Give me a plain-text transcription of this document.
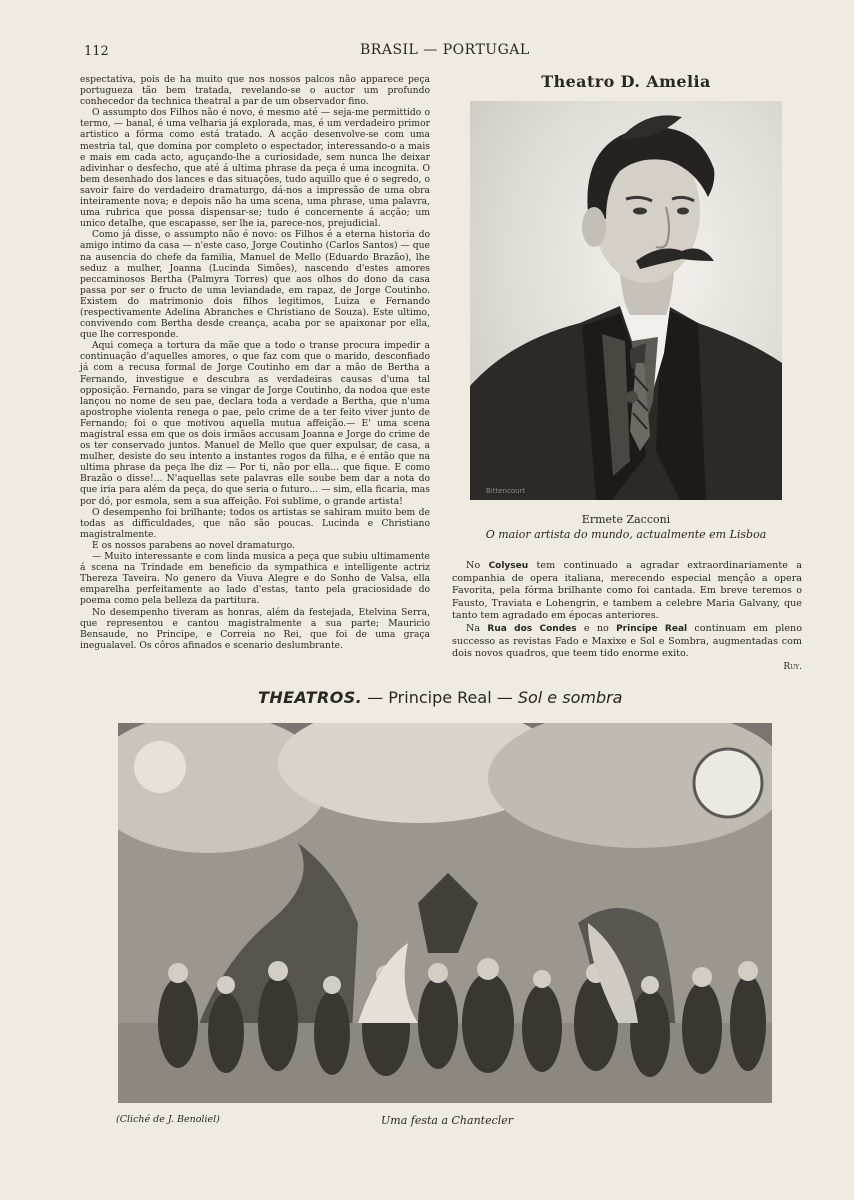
112	BRASIL — PORTUGAL

espectativa, pois de ha muito que nos nossos palcos não apparece peça portugueza tão bem tratada, revelando-se o auctor um profundo conhecedor da technica theatral a par de um observador fino.

O assumpto dos Filhos não é novo, é mesmo até — seja-me permittido o termo, — banal, é uma velharia já explorada, mas, é um verdadeiro primor artistico a fórma como está tratado. A acção desenvolve-se com uma mestria tal, que domina por completo o espectador, interessando-o a mais e mais em cada acto, aguçando-lhe a curiosidade, sem nunca lhe deixar adivinhar o desfecho, que até á ultima phrase da peça é uma incognita. O bem desenhado dos lances e das situações, tudo aquillo que é o segredo, o savoir faire do verdadeiro dramaturgo, dá-nos a impressão de uma obra inteiramente nova; e depois não ha uma scena, uma phrase, uma palavra, uma rubrica que possa dispensar-se; tudo é concernente á acção; um unico detalhe, que escapasse, ser lhe ia, parece-nos, prejudicial.

Como já disse, o assumpto não é novo: os Filhos é a eterna historia do amigo intimo da casa — n'este caso, Jorge Coutinho (Carlos Santos) — que na ausencia do chefe da familia, Manuel de Mello (Eduardo Brazão), lhe seduz a mulher, Joanna (Lucinda Simões), nascendo d'estes amores peccaminosos Bertha (Palmyra Torres) que aos olhos do dono da casa passa por ser o fructo de uma leviandade, em rapaz, de Jorge Coutinho. Existem do matrimonio dois filhos legitimos, Luiza e Fernando (respectivamente Adelina Abranches e Christiano de Souza). Este ultimo, convivendo com Bertha desde creança, acaba por se apaixonar por ella, que lhe corresponde.

Aqui começa a tortura da mãe que a todo o transe procura impedir a continuação d'aquelles amores, o que faz com que o marido, desconfiado já com a recusa formal de Jorge Coutinho em dar a mão de Bertha a Fernando, investigue e descubra as verdadeiras causas d'uma tal opposição. Fernando, para se vingar de Jorge Coutinho, da nodoa que este lançou no nome de seu pae, declara toda a verdade a Bertha, que n'uma apostrophe violenta renega o pae, pelo crime de a ter feito viver junto de Fernando; foi o que motivou aquella mutua affeição.— E' uma scena magistral essa em que os dois irmãos accusam Joanna e Jorge do crime de os ter conservado juntos. Manuel de Mello que quer expulsar, de casa, a mulher, desiste do seu intento a instantes rogos da filha, e é então que na ultima phrase da peça lhe diz — Por ti, não por ella... que fique. E como Brazão o disse!... N'aquellas sete palavras elle soube bem dar a nota do que iria para além da peça, do que seria o futuro... — sim, ella ficaria, mas por dó, por esmola, sem a sua affeição. Foi sublime, o grande artista!

O desempenho foi brilhante; todos os artistas se sahiram muito bem de todas as difficuldades, que não são poucas. Lucinda e Christiano magistralmente.

E os nossos parabens ao novel dramaturgo.

— Muito interessante e com linda musica a peça que subiu ultimamente á scena na Trindade em beneficio da sympathica e intelligente actriz Thereza Taveira. No genero da Viuva Alegre e do Sonho de Valsa, ella emparelha perfeitamente ao lado d'estas, tanto pela graciosidade do poema como pela belleza da partitura.

No desempenho tiveram as honras, além da festejada, Etelvina Serra, que representou e cantou magistralmente a sua parte; Mauricio Bensaude, no Principe, e Correia no Rei, que foi de uma graça inegualavel. Os côros afinados e scenario deslumbrante.

Theatro D. Amelia
Bittencourt
Ermete Zacconi
O maior artista do mundo, actualmente em Lisboa

No Colyseu tem continuado a agradar extraordinariamente a companhia de opera italiana, merecendo especial menção a opera Favorita, pela fórma brilhante como foi cantada. Em breve teremos o Fausto, Traviata e Lohengrin, e tambem a celebre Maria Galvany, que tanto tem agradado em épocas anteriores.

Na Rua dos Condes e no Principe Real continuam em pleno successo as revistas Fado e Maxixe e Sol e Sombra, augmentadas com dois novos quadros, que teem tido enorme exito.

Ruy.
THEATROS. — Principe Real — Sol e sombra
(Cliché de J. Benoliel)	Uma festa a Chantecler
